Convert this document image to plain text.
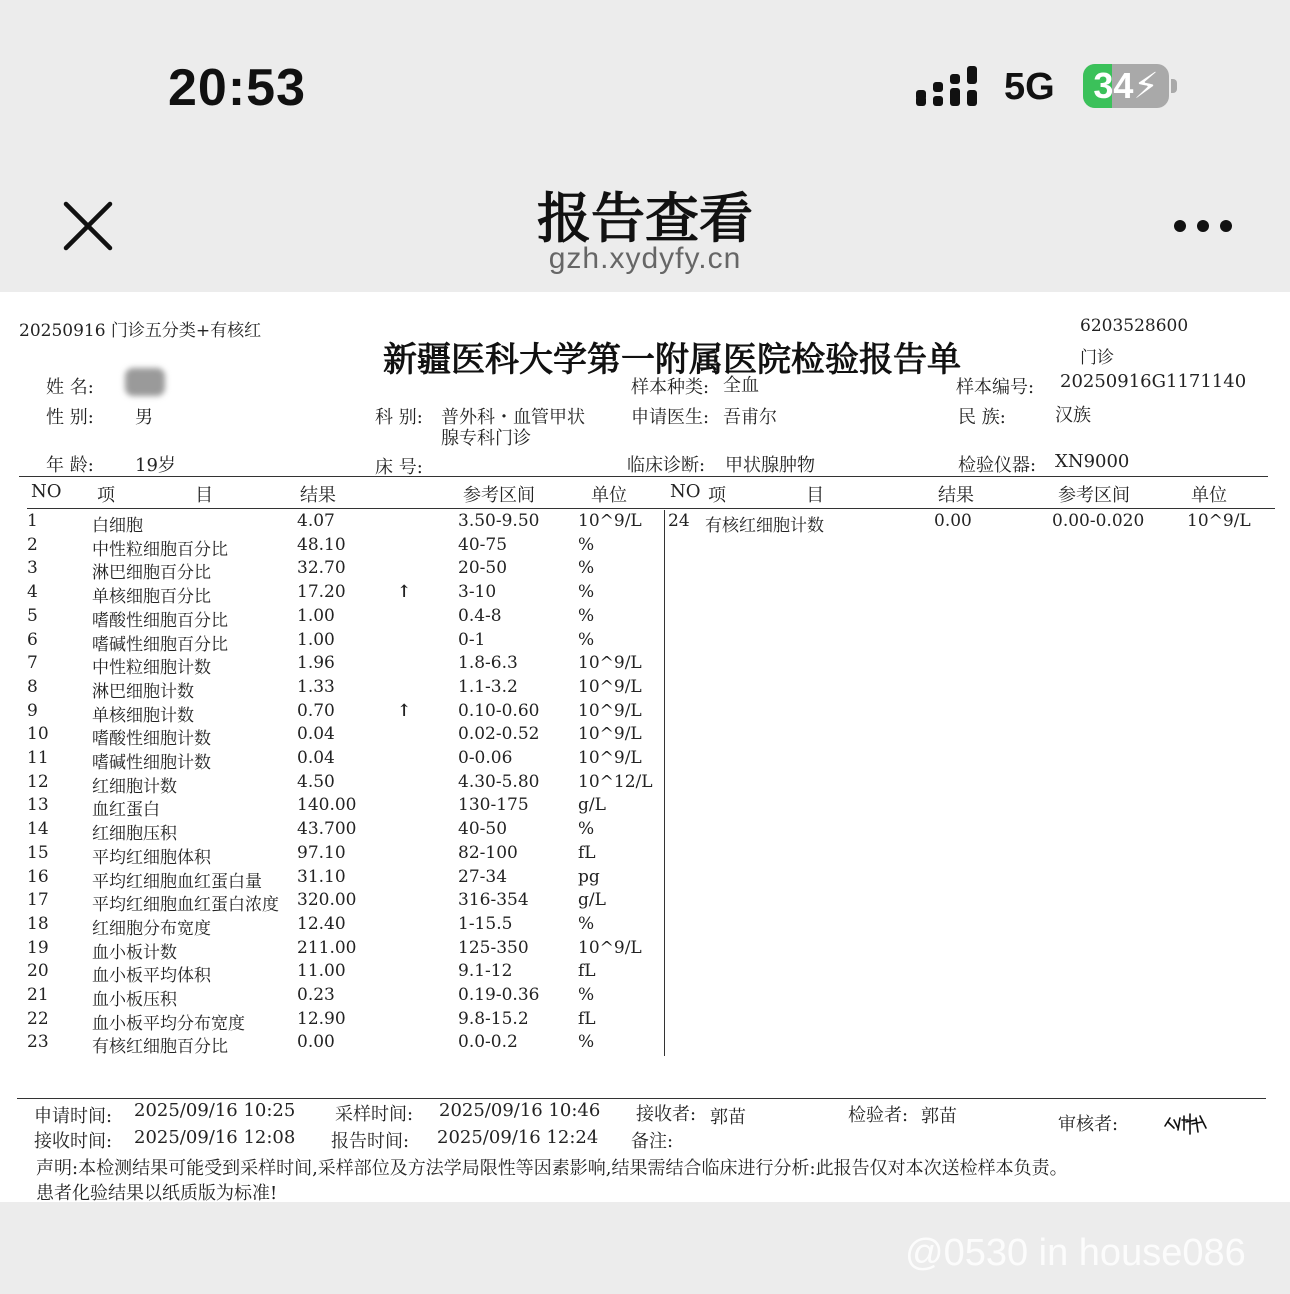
20:53	5G 34⚡
报告查看
gzh.xydyfy.cn
20250916 门诊五分类+有核红
新疆医科大学第一附属医院检验报告单
6203528600
门诊
姓 名:
性 别: 男
年 龄: 19岁
科 别: 普外科・血管甲状
腺专科门诊
床 号:
样本种类: 全血
申请医生: 吾甫尔
临床诊断: 甲状腺肿物
样本编号: 20250916G1171140
民 族:	汉族
检验仪器: XN9000
NO 项              目	结果	参考区间	单位 NO 项              目	结果	参考区间	单位
1	白细胞	4.07	3.50-9.50 10^9/L
2	中性粒细胞百分比	48.10	40-75	%
3	淋巴细胞百分比	32.70	20-50	%
4	单核细胞百分比	17.20	↑	3-10	%
5	嗜酸性细胞百分比	1.00	0.4-8	%
6	嗜碱性细胞百分比	1.00	0-1	%
7	中性粒细胞计数	1.96	1.8-6.3	10^9/L
8	淋巴细胞计数	1.33	1.1-3.2	10^9/L
9	单核细胞计数	0.70	↑	0.10-0.60 10^9/L
10	嗜酸性细胞计数	0.04	0.02-0.52 10^9/L
11	嗜碱性细胞计数	0.04	0-0.06	10^9/L
12	红细胞计数	4.50	4.30-5.80 10^12/L
13	血红蛋白	140.00	130-175	g/L
14	红细胞压积	43.700	40-50	%
15	平均红细胞体积	97.10	82-100	fL
16	平均红细胞血红蛋白量 31.10	27-34	pg
17	平均红细胞血红蛋白浓度 320.00	316-354	g/L
18	红细胞分布宽度	12.40	1-15.5	%
19	血小板计数	211.00	125-350	10^9/L
20	血小板平均体积	11.00	9.1-12	fL
21	血小板压积	0.23	0.19-0.36 %
22	血小板平均分布宽度	12.90	9.8-15.2	fL
23	有核红细胞百分比	0.00	0.0-0.2	%
24 有核红细胞计数	0.00	0.00-0.020	10^9/L
申请时间: 2025/09/16 10:25 采样时间: 2025/09/16 10:46 接收者: 郭苗	检验者: 郭苗	审核者:
接收时间: 2025/09/16 12:08 报告时间: 2025/09/16 12:24 备注:
声明:本检测结果可能受到采样时间,采样部位及方法学局限性等因素影响,结果需结合临床进行分析:此报告仅对本次送检样本负责。
患者化验结果以纸质版为标准!
@0530 in house086
